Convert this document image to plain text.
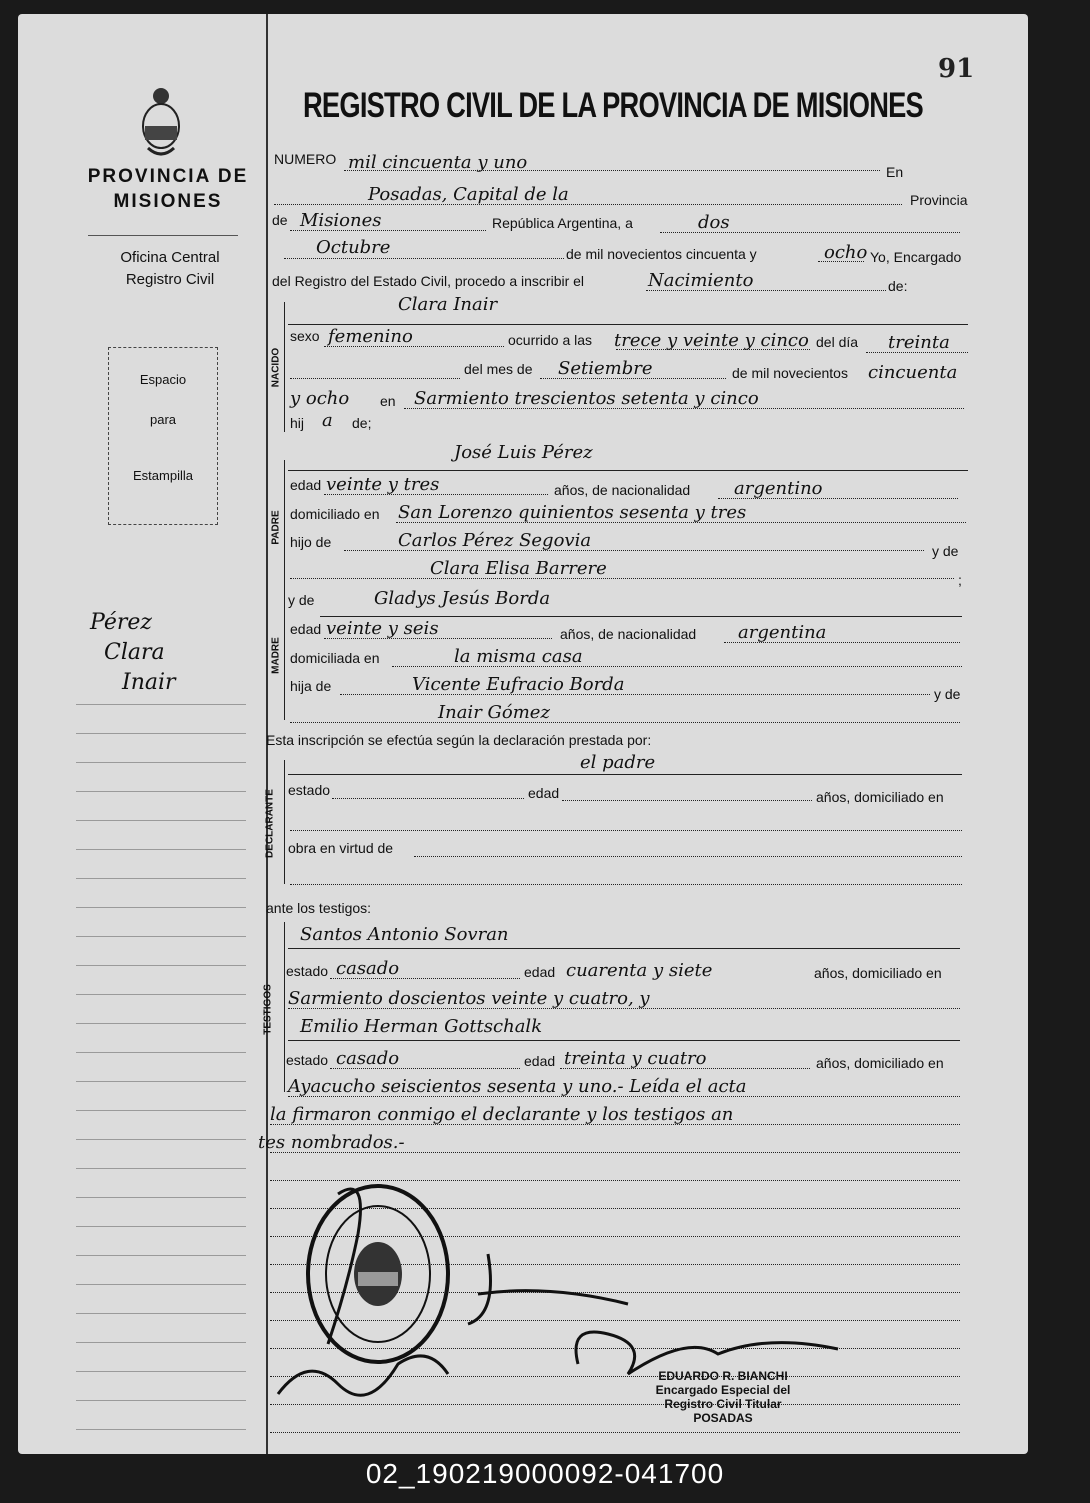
PROVINCIA DE
MISIONES
Oficina Central
Registro Civil
Espacio
para
Estampilla
Pérez
Clara
Inair
91
REGISTRO CIVIL DE LA PROVINCIA DE MISIONES
NUMERO mil cincuenta y uno	En
Posadas, Capital de la	Provincia
de Misiones	República Argentina, a	dos
Octubre	de mil novecientos cincuenta y	ocho Yo, Encargado
del Registro del Estado Civil, procedo a inscribir el	Nacimiento	de:
NACIDO
Clara Inair
sexo femenino	ocurrido a las trece y veinte y cinco del día treinta
del mes de Setiembre	de mil novecientos cincuenta
y ocho en Sarmiento trescientos setenta y cinco
hij a de;
PADRE
José Luis Pérez
edad veinte y tres	años, de nacionalidad argentino
domiciliado en San Lorenzo quinientos sesenta y tres
hijo de	Carlos Pérez Segovia	y de
Clara Elisa Barrere
;
MADRE
y de	Gladys Jesús Borda
edad veinte y seis	años, de nacionalidad argentina
domiciliada en	la misma casa
hija de	Vicente Eufracio Borda	y de
Inair Gómez
Esta inscripción se efectúa según la declaración prestada por:
DECLARANTE
el padre
estado	edad	años, domiciliado en
obra en virtud de
ante los testigos:
TESTIGOS
Santos Antonio Sovran
estado casado	edad cuarenta y siete	años, domiciliado en
Sarmiento doscientos veinte y cuatro, y
Emilio Herman Gottschalk
estado casado	edad treinta y cuatro	años, domiciliado en
Ayacucho seiscientos sesenta y uno.- Leída el acta
la firmaron conmigo el declarante y los testigos an
tes nombrados.-
EDUARDO R. BIANCHI
Encargado Especial del
Registro Civil Titular
POSADAS
02_190219000092-041700
